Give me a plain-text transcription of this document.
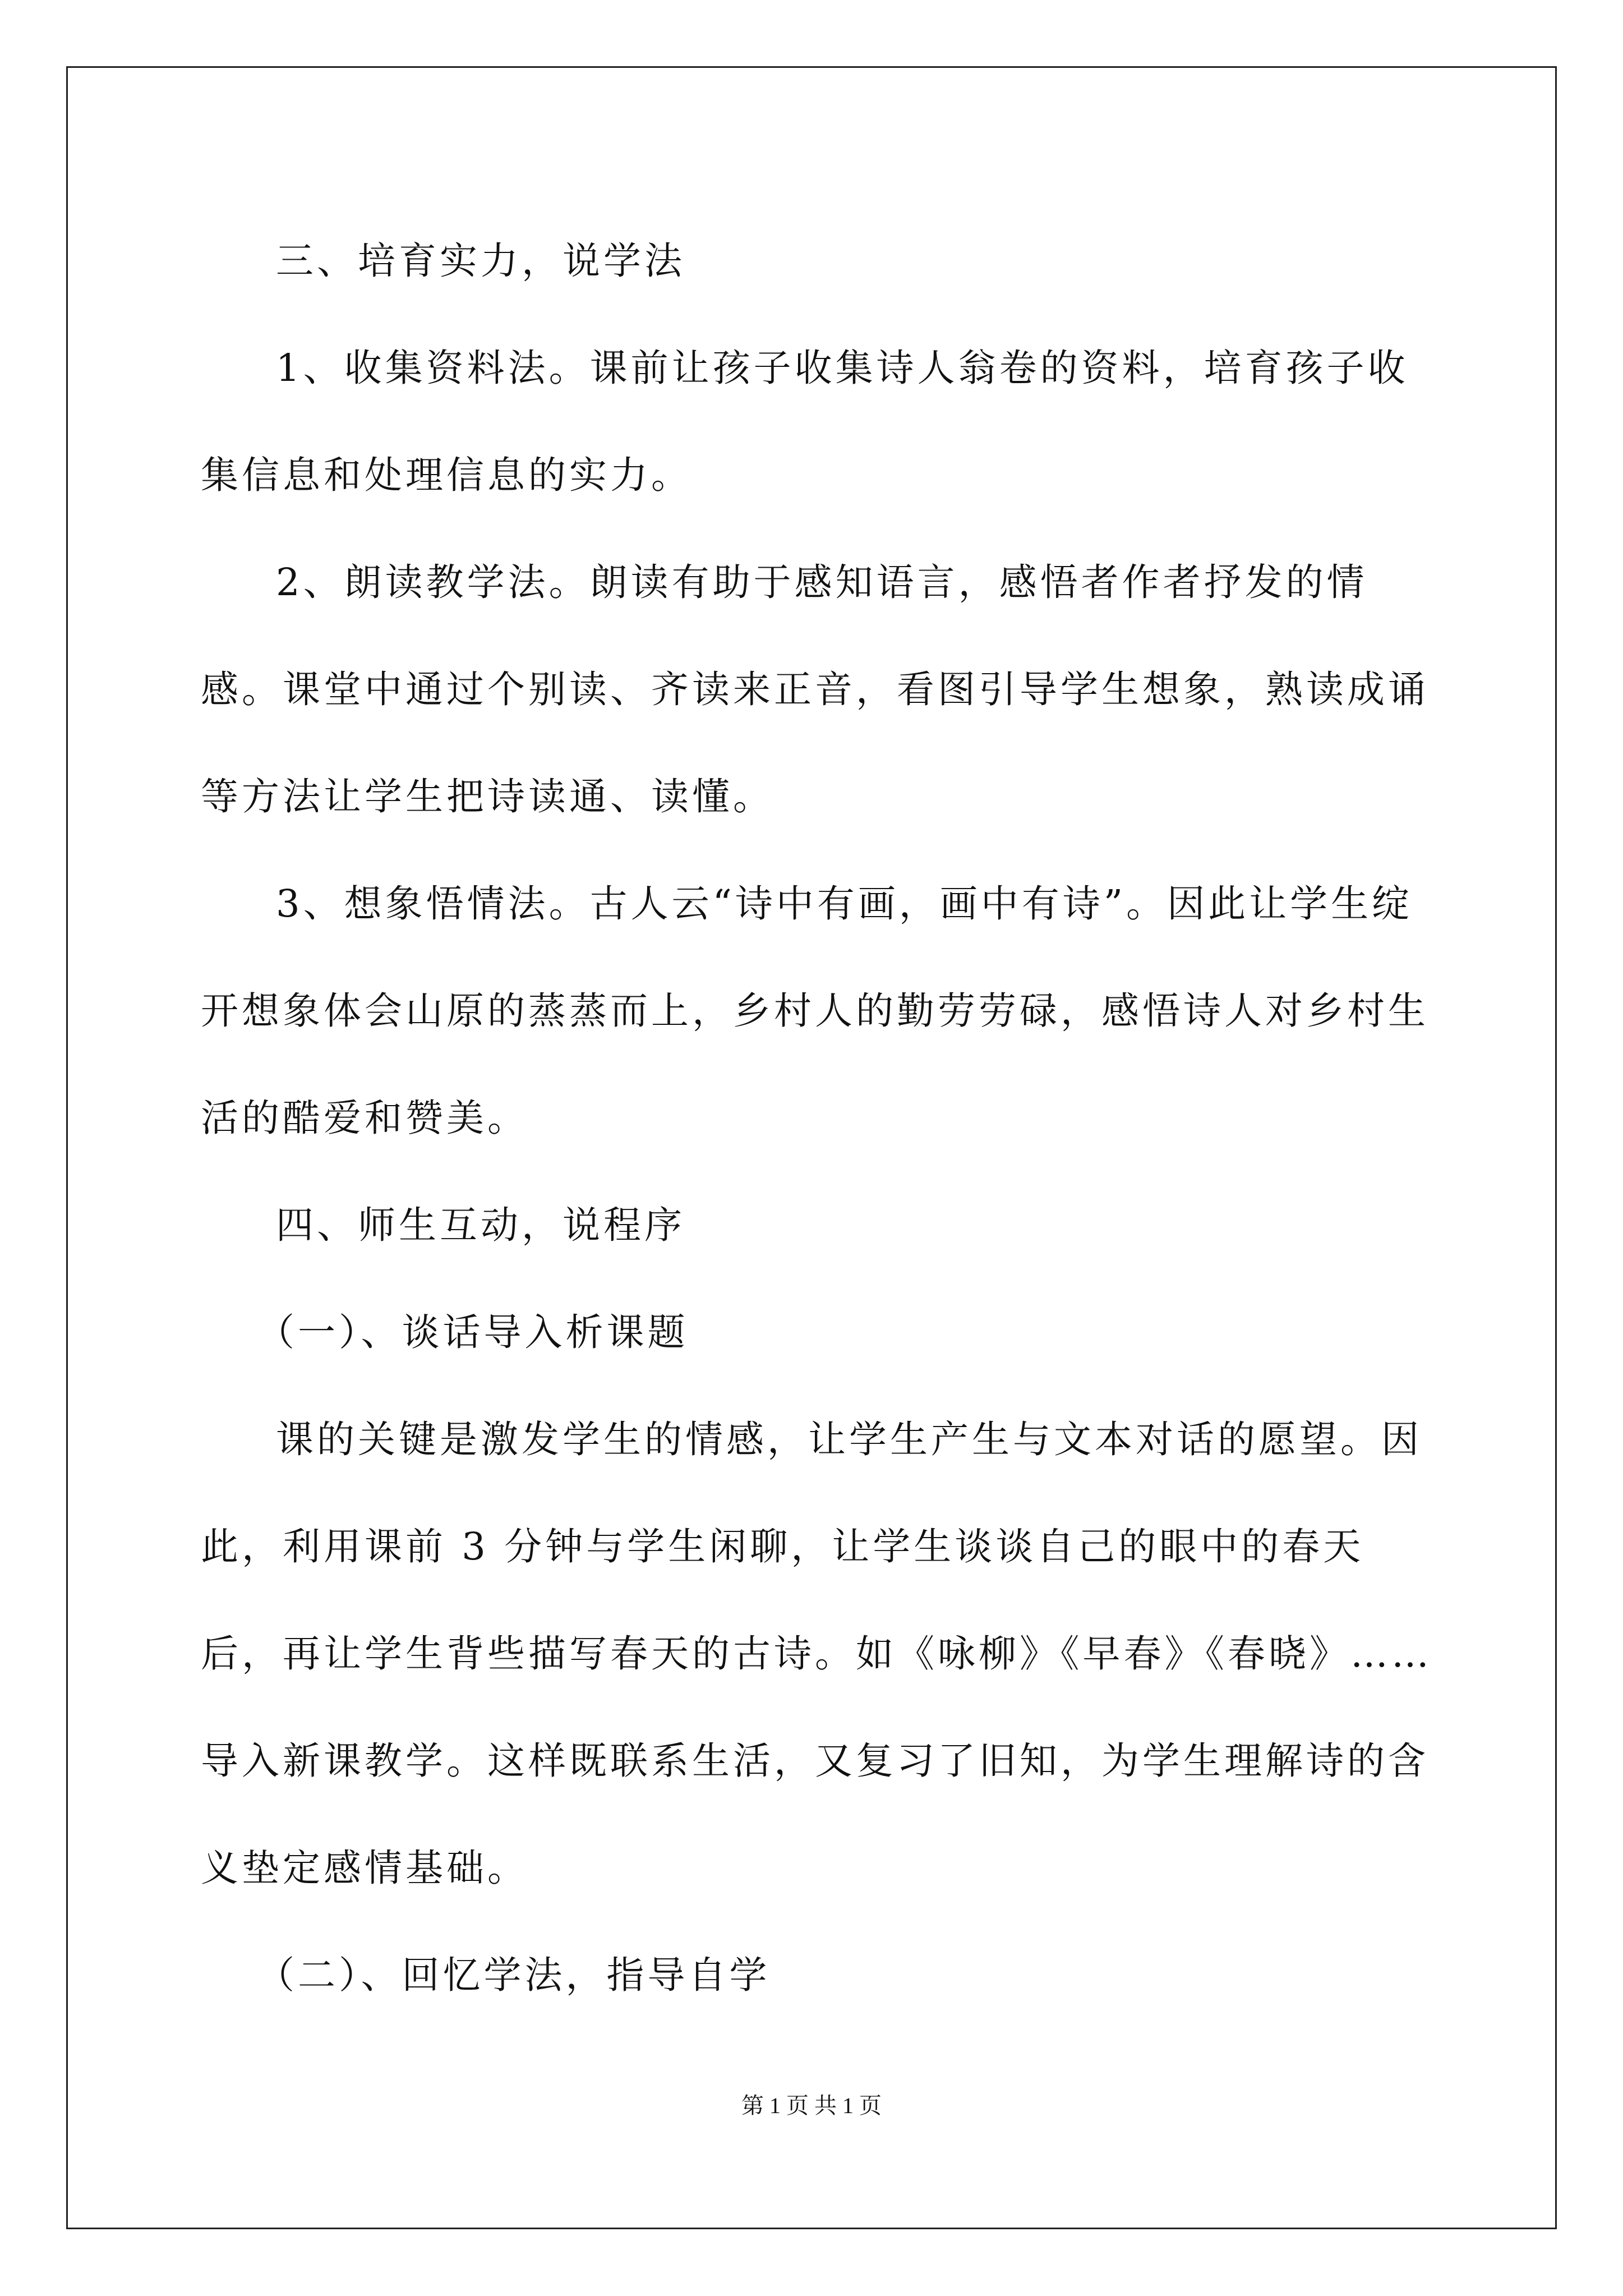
三、培育实力，说学法

1、收集资料法。课前让孩子收集诗人翁卷的资料，培育孩子收集信息和处理信息的实力。

2、朗读教学法。朗读有助于感知语言，感悟者作者抒发的情感。课堂中通过个别读、齐读来正音，看图引导学生想象，熟读成诵等方法让学生把诗读通、读懂。

3、想象悟情法。古人云“诗中有画，画中有诗”。因此让学生绽开想象体会山原的蒸蒸而上，乡村人的勤劳劳碌，感悟诗人对乡村生活的酷爱和赞美。

四、师生互动，说程序

（一）、谈话导入析课题

课的关键是激发学生的情感，让学生产生与文本对话的愿望。因此，利用课前 3 分钟与学生闲聊，让学生谈谈自己的眼中的春天后，再让学生背些描写春天的古诗。如《咏柳》《早春》《春晓》……导入新课教学。这样既联系生活，又复习了旧知，为学生理解诗的含义垫定感情基础。

（二）、回忆学法，指导自学

第 1 页 共 1 页
